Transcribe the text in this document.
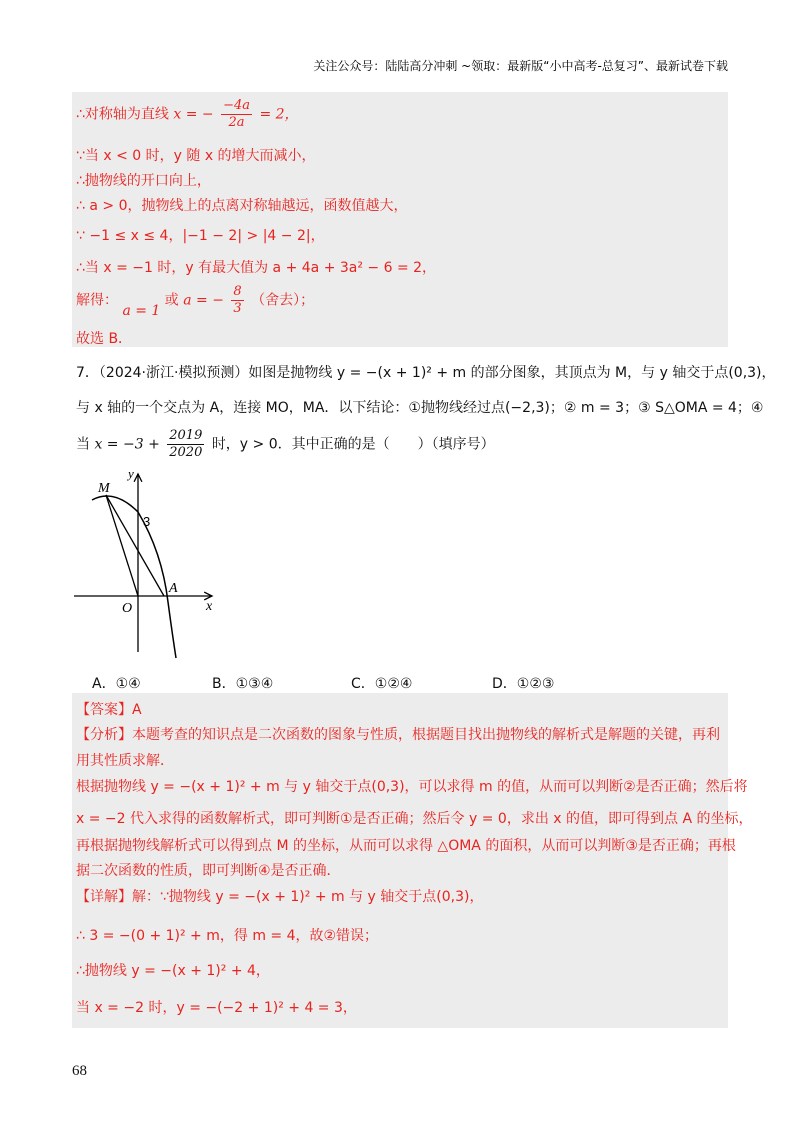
关注公众号：陆陆高分冲刺 ~领取：最新版“小中高考-总复习”、最新试卷下载
∴对称轴为直线 x = − $\frac{-4a}{2a} = 2$，
∵当 x < 0 时，y 随 x 的增大而减小，
∴抛物线的开口向上，
∴ a > 0，抛物线上的点离对称轴越远，函数值越大，
∵ −1 ≤ x ≤ 4，|−1 − 2| > |4 − 2|，
∴当 x = −1 时，y 有最大值为 a + 4a + 3a² − 6 = 2，
解得： a = 1 或 a = − $\frac{8}{3}$ （舍去）；
故选 B．
7．（2024·浙江·模拟预测）如图是抛物线 y = −(x + 1)² + m 的部分图象，其顶点为 M，与 y 轴交于点(0,3)，
与 x 轴的一个交点为 A，连接 MO，MA．以下结论：①抛物线经过点(−2,3)；② m = 3；③ S△OMA = 4；④
当 $x = -3 + \frac{2019}{2020}$ 时，y > 0．其中正确的是（　　）（填序号）
M
y
3
A
O	x
A．①④	B．①③④	C．①②④	D．①②③
【答案】A
【分析】本题考查的知识点是二次函数的图象与性质，根据题目找出抛物线的解析式是解题的关键，再利
用其性质求解．
根据抛物线 y = −(x + 1)² + m 与 y 轴交于点(0,3)，可以求得 m 的值，从而可以判断②是否正确；然后将
x = −2 代入求得的函数解析式，即可判断①是否正确；然后令 y = 0，求出 x 的值，即可得到点 A 的坐标，
再根据抛物线解析式可以得到点 M 的坐标，从而可以求得 △OMA 的面积，从而可以判断③是否正确；再根
据二次函数的性质，即可判断④是否正确．
【详解】解：∵抛物线 y = −(x + 1)² + m 与 y 轴交于点(0,3)，
∴ 3 = −(0 + 1)² + m，得 m = 4，故②错误；
∴抛物线 y = −(x + 1)² + 4，
当 x = −2 时，y = −(−2 + 1)² + 4 = 3，
68
